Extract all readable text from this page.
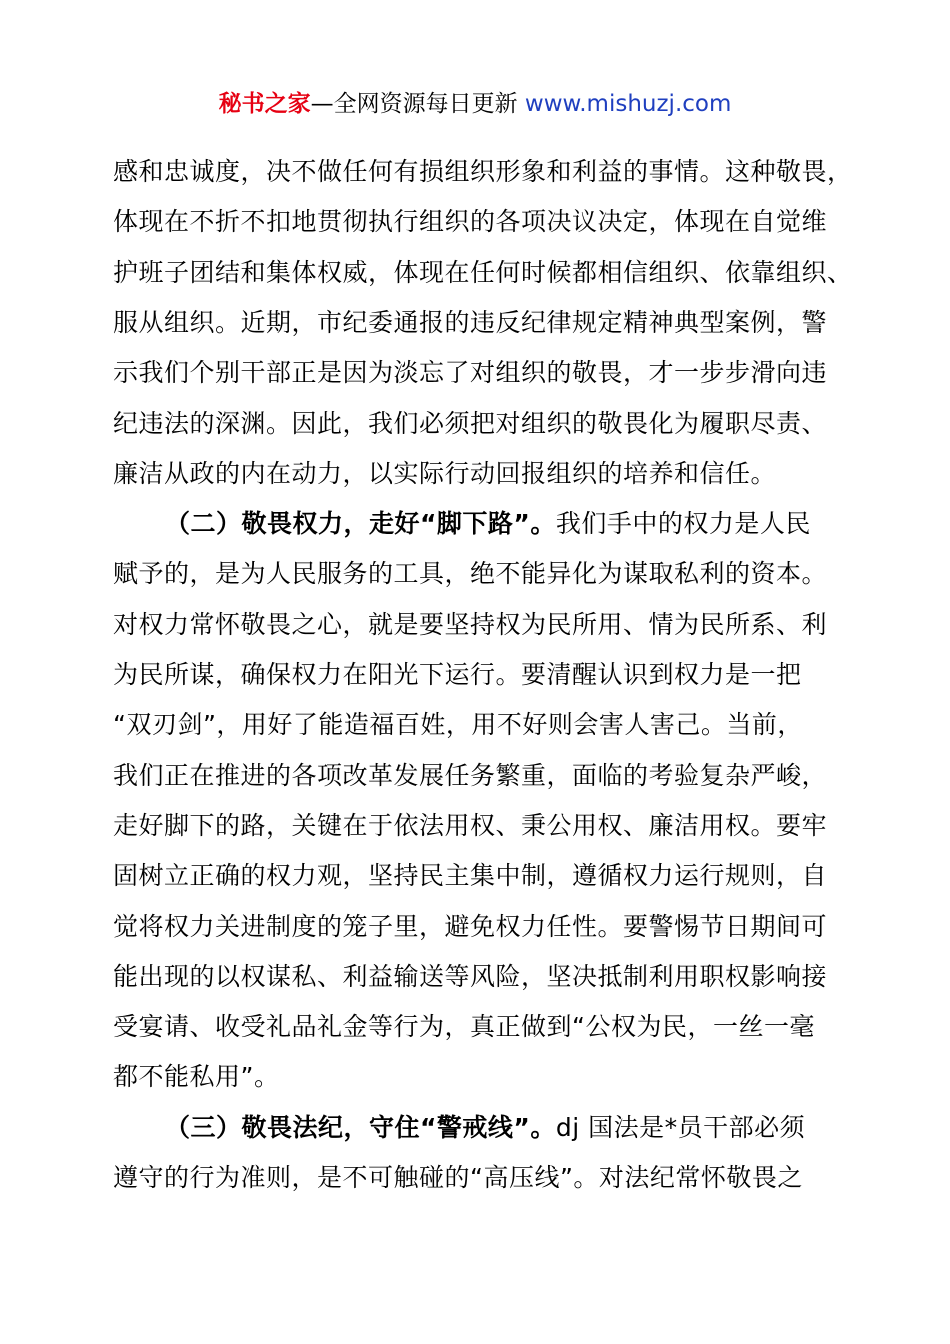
秘书之家—全网资源每日更新 www.mishuzj.com
感和忠诚度，决不做任何有损组织形象和利益的事情。这种敬畏，
体现在不折不扣地贯彻执行组织的各项决议决定，体现在自觉维
护班子团结和集体权威，体现在任何时候都相信组织、依靠组织、
服从组织。近期，市纪委通报的违反纪律规定精神典型案例，警
示我们个别干部正是因为淡忘了对组织的敬畏，才一步步滑向违
纪违法的深渊。因此，我们必须把对组织的敬畏化为履职尽责、
廉洁从政的内在动力，以实际行动回报组织的培养和信任。
（二）敬畏权力，走好“脚下路”。我们手中的权力是人民
赋予的，是为人民服务的工具，绝不能异化为谋取私利的资本。
对权力常怀敬畏之心，就是要坚持权为民所用、情为民所系、利
为民所谋，确保权力在阳光下运行。要清醒认识到权力是一把
“双刃剑”，用好了能造福百姓，用不好则会害人害己。当前，
我们正在推进的各项改革发展任务繁重，面临的考验复杂严峻，
走好脚下的路，关键在于依法用权、秉公用权、廉洁用权。要牢
固树立正确的权力观，坚持民主集中制，遵循权力运行规则，自
觉将权力关进制度的笼子里，避免权力任性。要警惕节日期间可
能出现的以权谋私、利益输送等风险，坚决抵制利用职权影响接
受宴请、收受礼品礼金等行为，真正做到“公权为民，一丝一毫
都不能私用”。
（三）敬畏法纪，守住“警戒线”。dj 国法是*员干部必须
遵守的行为准则，是不可触碰的“高压线”。对法纪常怀敬畏之
